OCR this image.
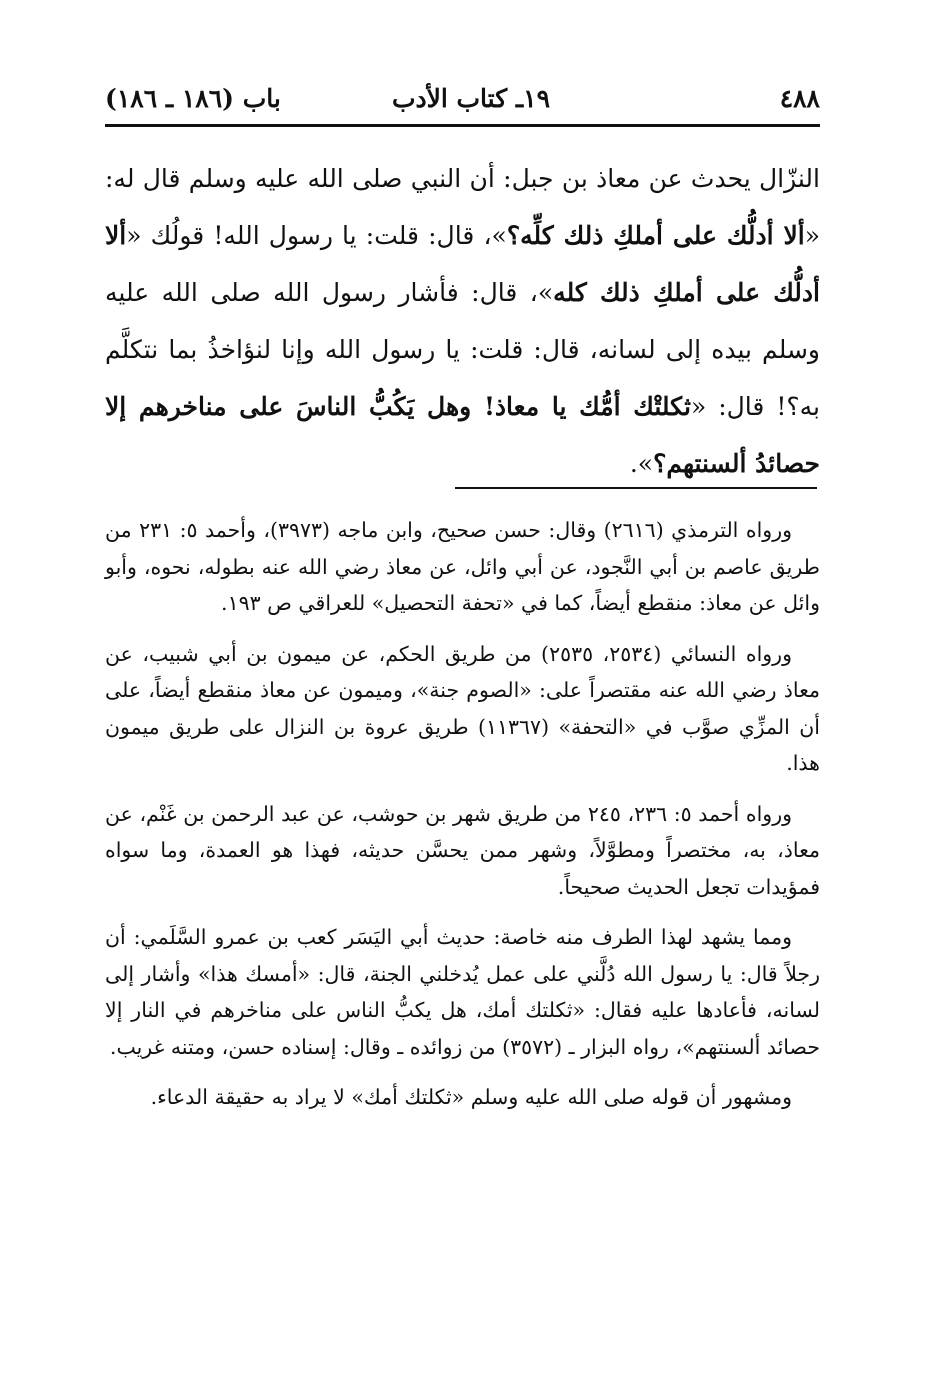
٤٨٨
١٩ـ كتاب الأدب
باب (١٨٦ ـ ١٨٦)
النزّال يحدث عن معاذ بن جبل: أن النبي صلى الله عليه وسلم قال له: «ألا أدلُّك على أملكِ ذلك كلِّه؟»، قال: قلت: يا رسول الله! قولُك «ألا أدلُّك على أملكِ ذلك كله»، قال: فأشار رسول الله صلى الله عليه وسلم بيده إلى لسانه، قال: قلت: يا رسول الله وإنا لنؤاخذُ بما نتكلَّم به؟! قال: «ثكلتْك أمُّك يا معاذ! وهل يَكُبُّ الناسَ على مناخرهم إلا حصائدُ ألسنتهم؟».

ورواه الترمذي (٢٦١٦) وقال: حسن صحيح، وابن ماجه (٣٩٧٣)، وأحمد ٥: ٢٣١ من طريق عاصم بن أبي النَّجود، عن أبي وائل، عن معاذ رضي الله عنه بطوله، نحوه، وأبو وائل عن معاذ: منقطع أيضاً، كما في «تحفة التحصيل» للعراقي ص ١٩٣.

ورواه النسائي (٢٥٣٤، ٢٥٣٥) من طريق الحكم، عن ميمون بن أبي شبيب، عن معاذ رضي الله عنه مقتصراً على: «الصوم جنة»، وميمون عن معاذ منقطع أيضاً، على أن المزِّي صوَّب في «التحفة» (١١٣٦٧) طريق عروة بن النزال على طريق ميمون هذا.

ورواه أحمد ٥: ٢٣٦، ٢٤٥ من طريق شهر بن حوشب، عن عبد الرحمن بن غَنْم، عن معاذ، به، مختصراً ومطوَّلاً، وشهر ممن يحسَّن حديثه، فهذا هو العمدة، وما سواه فمؤيدات تجعل الحديث صحيحاً.

ومما يشهد لهذا الطرف منه خاصة: حديث أبي اليَسَر كعب بن عمرو السَّلَمي: أن رجلاً قال: يا رسول الله دُلَّني على عمل يُدخلني الجنة، قال: «أمسك هذا» وأشار إلى لسانه، فأعادها عليه فقال: «ثكلتك أمك، هل يكبُّ الناس على مناخرهم في النار إلا حصائد ألسنتهم»، رواه البزار ـ (٣٥٧٢) من زوائده ـ وقال: إسناده حسن، ومتنه غريب.

ومشهور أن قوله صلى الله عليه وسلم «ثكلتك أمك» لا يراد به حقيقة الدعاء.
